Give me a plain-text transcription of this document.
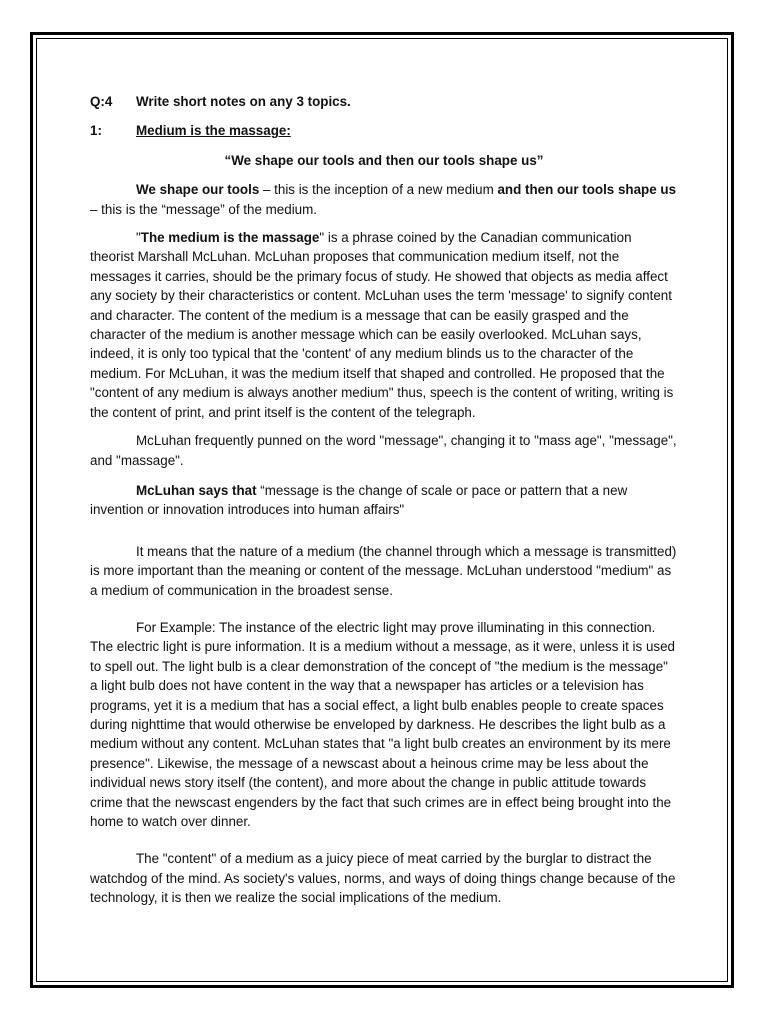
Q:4	Write short notes on any 3 topics.
1:	Medium is the massage:

“We shape our tools and then our tools shape us”

We shape our tools – this is the inception of a new medium and then our tools shape us – this is the “message” of the medium.

"The medium is the massage" is a phrase coined by the Canadian communication theorist Marshall McLuhan. McLuhan proposes that communication medium itself, not the messages it carries, should be the primary focus of study. He showed that objects as media affect any society by their characteristics or content. McLuhan uses the term 'message' to signify content and character. The content of the medium is a message that can be easily grasped and the character of the medium is another message which can be easily overlooked. McLuhan says, indeed, it is only too typical that the 'content' of any medium blinds us to the character of the medium. For McLuhan, it was the medium itself that shaped and controlled. He proposed that the "content of any medium is always another medium" thus, speech is the content of writing, writing is the content of print, and print itself is the content of the telegraph.

McLuhan frequently punned on the word "message", changing it to "mass age", "message", and "massage".

McLuhan says that “message is the change of scale or pace or pattern that a new invention or innovation introduces into human affairs"

It means that the nature of a medium (the channel through which a message is transmitted) is more important than the meaning or content of the message. McLuhan understood "medium" as a medium of communication in the broadest sense.

For Example: The instance of the electric light may prove illuminating in this connection. The electric light is pure information. It is a medium without a message, as it were, unless it is used to spell out. The light bulb is a clear demonstration of the concept of "the medium is the message" a light bulb does not have content in the way that a newspaper has articles or a television has programs, yet it is a medium that has a social effect, a light bulb enables people to create spaces during nighttime that would otherwise be enveloped by darkness. He describes the light bulb as a medium without any content. McLuhan states that "a light bulb creates an environment by its mere presence". Likewise, the message of a newscast about a heinous crime may be less about the individual news story itself (the content), and more about the change in public attitude towards crime that the newscast engenders by the fact that such crimes are in effect being brought into the home to watch over dinner.

The "content" of a medium as a juicy piece of meat carried by the burglar to distract the watchdog of the mind. As society's values, norms, and ways of doing things change because of the technology, it is then we realize the social implications of the medium.
